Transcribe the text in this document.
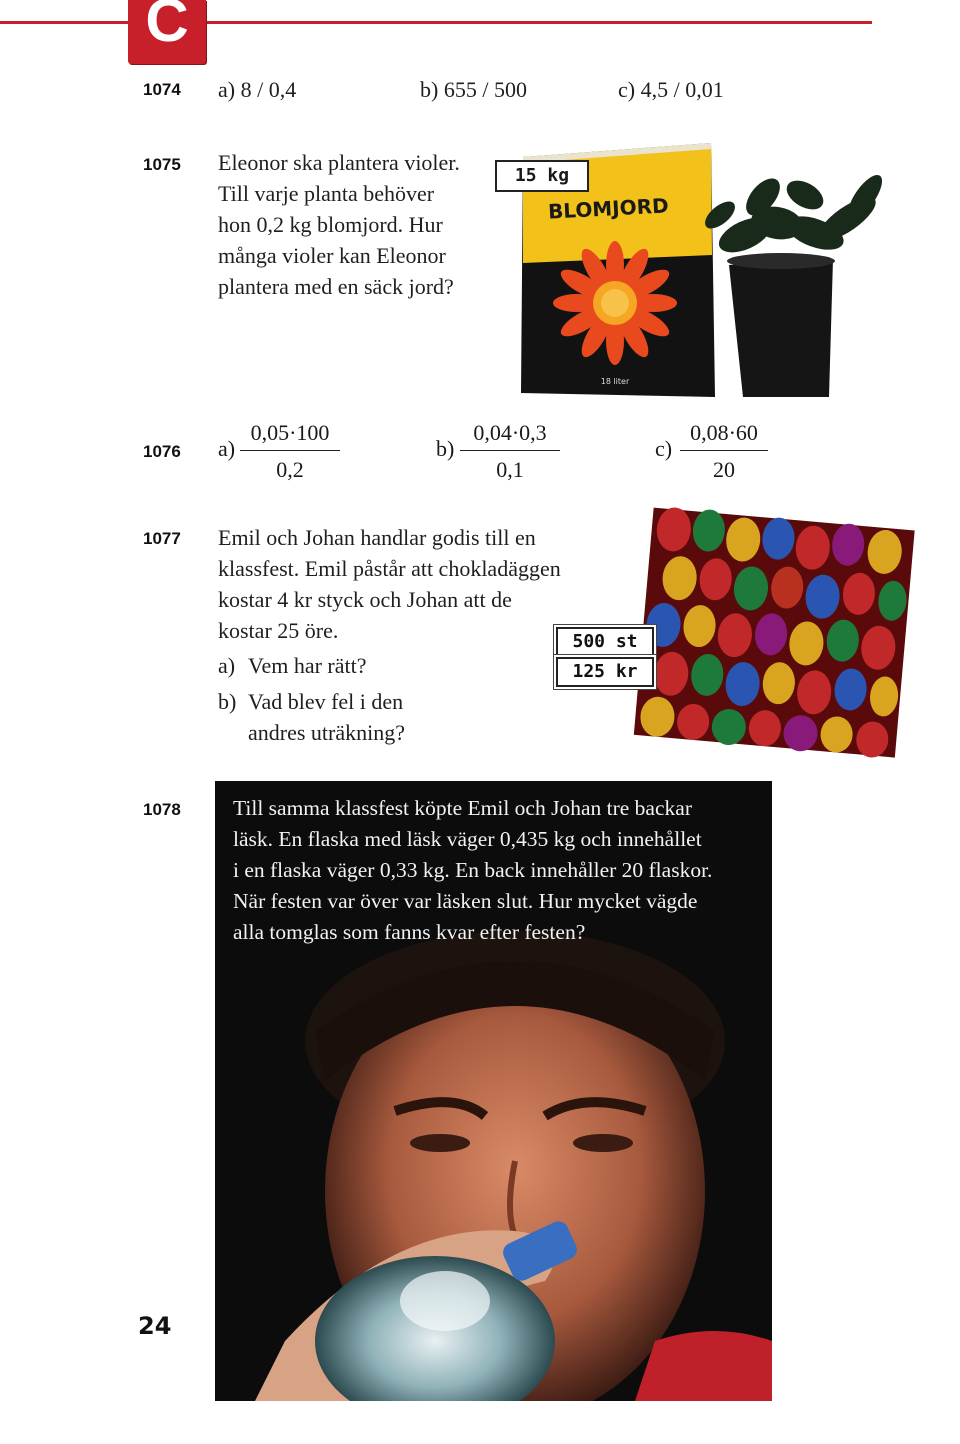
C
1074 a) 8 / 0,4	b) 655 / 500	c) 4,5 / 0,01
1075 Eleonor ska plantera violer.
Till varje planta behöver
hon 0,2 kg blomjord. Hur
många violer kan Eleonor
plantera med en säck jord?
15 kg
BLOMJORD
18 liter
1076 $a) \frac{0,05\cdot 100}{0,2}$	$b) \frac{0,04\cdot 0,3}{0,1}$	$c) \frac{0,08\cdot 60}{20}$
1077 Emil och Johan handlar godis till en
klassfest. Emil påstår att chokladäggen
kostar 4 kr styck och Johan att de
kostar 25 öre.
a) Vem har rätt?
b) Vad blev fel i den
andres uträkning?
500 st
125 kr
1078 Till samma klassfest köpte Emil och Johan tre backar
läsk. En flaska med läsk väger 0,435 kg och innehållet
i en flaska väger 0,33 kg. En back innehåller 20 flaskor.
När festen var över var läsken slut. Hur mycket vägde
alla tomglas som fanns kvar efter festen?
24
